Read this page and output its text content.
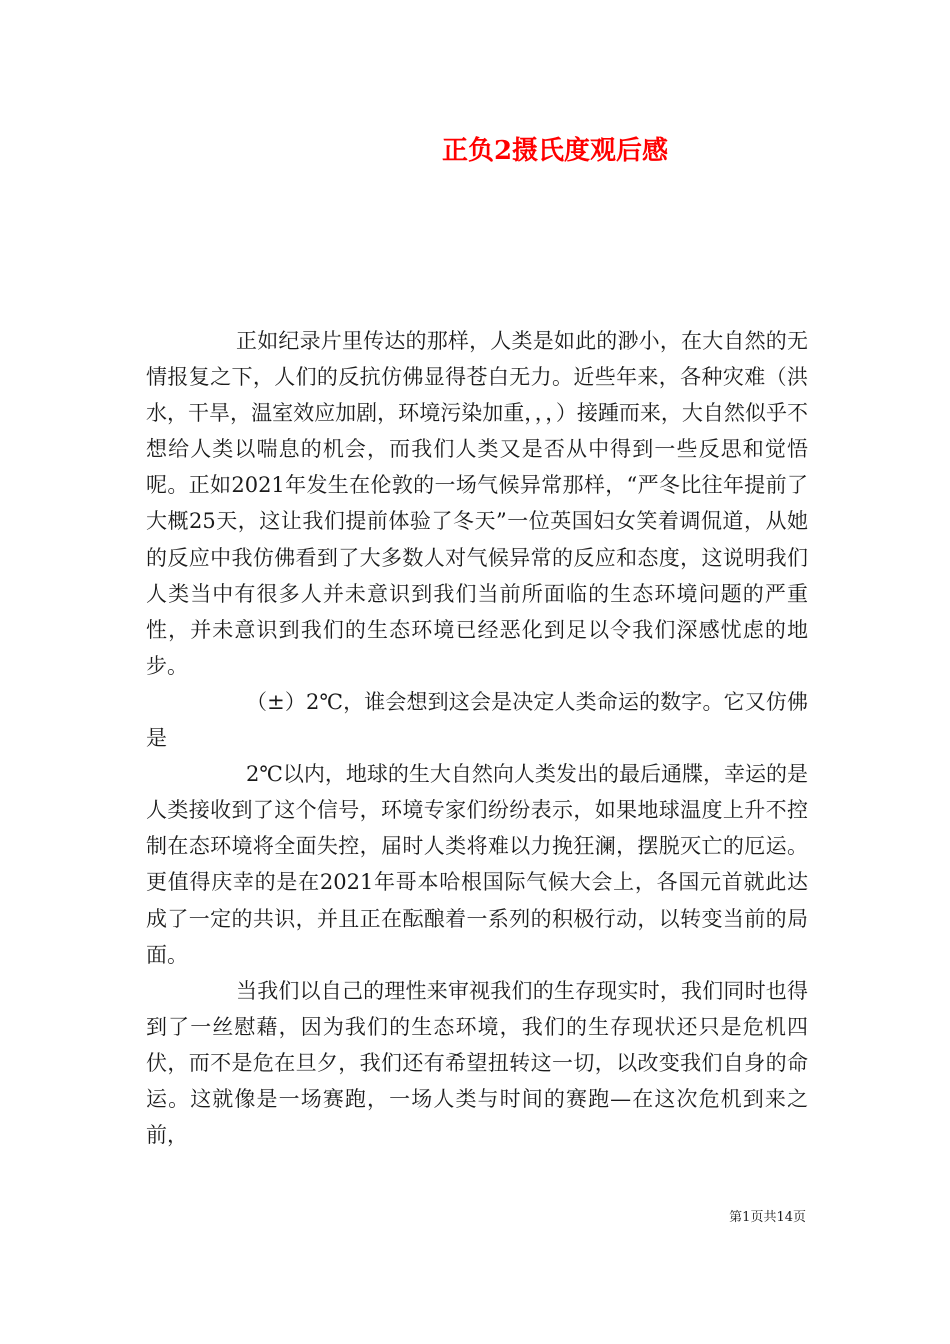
正负2摄氏度观后感

正如纪录片里传达的那样，人类是如此的渺小，在大自然的无情报复之下，人们的反抗仿佛显得苍白无力。近些年来，各种灾难（洪水，干旱，温室效应加剧，环境污染加重，，，）接踵而来，大自然似乎不想给人类以喘息的机会，而我们人类又是否从中得到一些反思和觉悟呢。正如2021年发生在伦敦的一场气候异常那样，“严冬比往年提前了大概25天，这让我们提前体验了冬天”一位英国妇女笑着调侃道，从她的反应中我仿佛看到了大多数人对气候异常的反应和态度，这说明我们人类当中有很多人并未意识到我们当前所面临的生态环境问题的严重性，并未意识到我们的生态环境已经恶化到足以令我们深感忧虑的地步。

（±）2℃，谁会想到这会是决定人类命运的数字。它又仿佛是

2℃以内，地球的生大自然向人类发出的最后通牒，幸运的是人类接收到了这个信号，环境专家们纷纷表示，如果地球温度上升不控制在态环境将全面失控，届时人类将难以力挽狂澜，摆脱灭亡的厄运。更值得庆幸的是在2021年哥本哈根国际气候大会上，各国元首就此达成了一定的共识，并且正在酝酿着一系列的积极行动，以转变当前的局面。

当我们以自己的理性来审视我们的生存现实时，我们同时也得到了一丝慰藉，因为我们的生态环境，我们的生存现状还只是危机四伏，而不是危在旦夕，我们还有希望扭转这一切，以改变我们自身的命运。这就像是一场赛跑，一场人类与时间的赛跑—在这次危机到来之前，

第1页共14页
